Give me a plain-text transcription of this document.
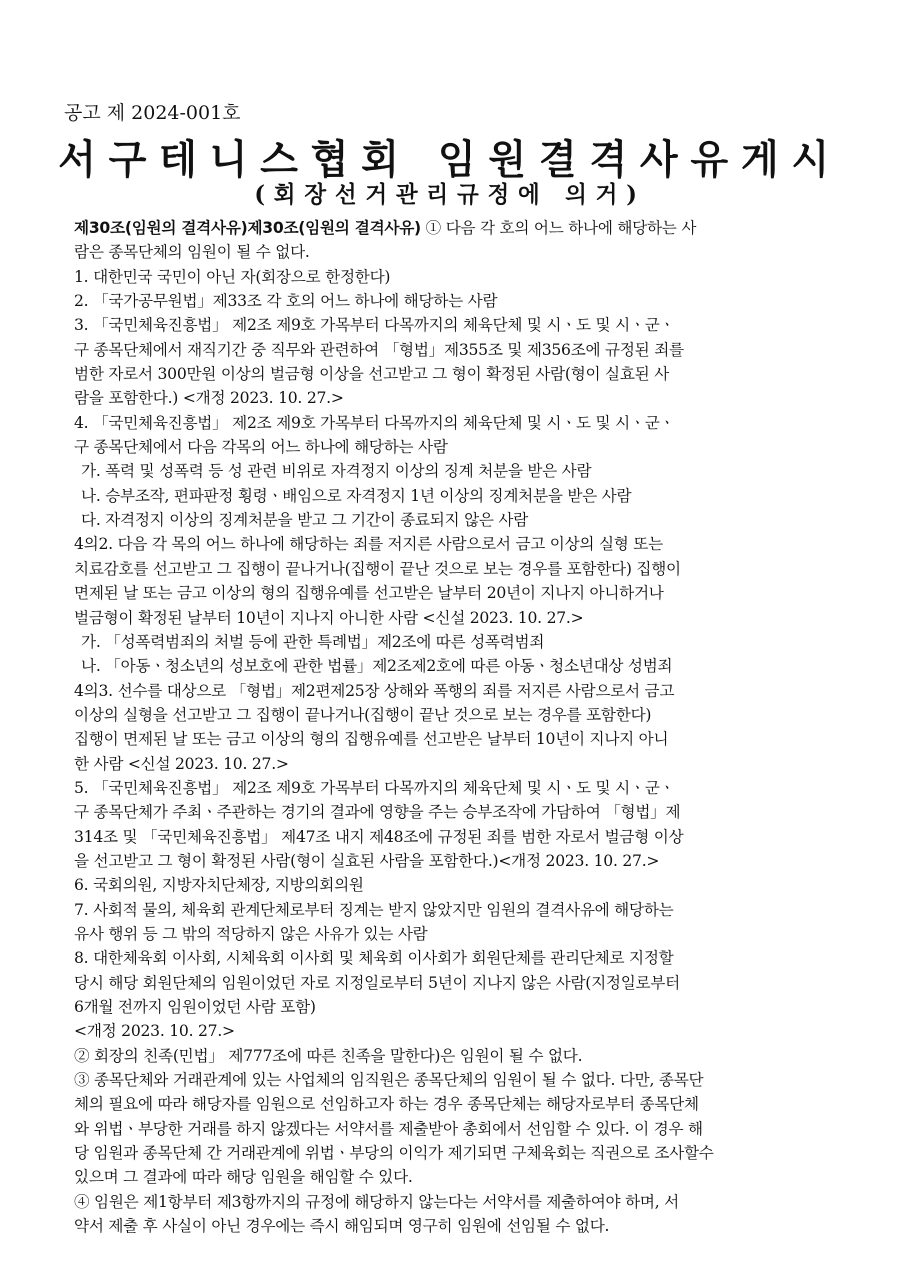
공고 제 2024-001호
서구테니스협회 임원결격사유게시
(회장선거관리규정에 의거)
제30조(임원의 결격사유)제30조(임원의 결격사유) ① 다음 각 호의 어느 하나에 해당하는 사
람은 종목단체의 임원이 될 수 없다.
1. 대한민국 국민이 아닌 자(회장으로 한정한다)
2. 「국가공무원법」제33조 각 호의 어느 하나에 해당하는 사람
3. 「국민체육진흥법」 제2조 제9호 가목부터 다목까지의 체육단체 및 시ㆍ도 및 시ㆍ군ㆍ
구 종목단체에서 재직기간 중 직무와 관련하여 「형법」제355조 및 제356조에 규정된 죄를
범한 자로서 300만원 이상의 벌금형 이상을 선고받고 그 형이 확정된 사람(형이 실효된 사
람을 포함한다.) <개정 2023. 10. 27.>
4. 「국민체육진흥법」 제2조 제9호 가목부터 다목까지의 체육단체 및 시ㆍ도 및 시ㆍ군ㆍ
구 종목단체에서 다음 각목의 어느 하나에 해당하는 사람
가. 폭력 및 성폭력 등 성 관련 비위로 자격정지 이상의 징계 처분을 받은 사람
나. 승부조작, 편파판정 횡령ㆍ배임으로 자격정지 1년 이상의 징계처분을 받은 사람
다. 자격정지 이상의 징계처분을 받고 그 기간이 종료되지 않은 사람
4의2. 다음 각 목의 어느 하나에 해당하는 죄를 저지른 사람으로서 금고 이상의 실형 또는
치료감호를 선고받고 그 집행이 끝나거나(집행이 끝난 것으로 보는 경우를 포함한다) 집행이
면제된 날 또는 금고 이상의 형의 집행유예를 선고받은 날부터 20년이 지나지 아니하거나
벌금형이 확정된 날부터 10년이 지나지 아니한 사람 <신설 2023. 10. 27.>
가. 「성폭력범죄의 처벌 등에 관한 특례법」제2조에 따른 성폭력범죄
나. 「아동ㆍ청소년의 성보호에 관한 법률」제2조제2호에 따른 아동ㆍ청소년대상 성범죄
4의3. 선수를 대상으로 「형법」제2편제25장 상해와 폭행의 죄를 저지른 사람으로서 금고
이상의 실형을 선고받고 그 집행이 끝나거나(집행이 끝난 것으로 보는 경우를 포함한다)
집행이 면제된 날 또는 금고 이상의 형의 집행유예를 선고받은 날부터 10년이 지나지 아니
한 사람 <신설 2023. 10. 27.>
5. 「국민체육진흥법」 제2조 제9호 가목부터 다목까지의 체육단체 및 시ㆍ도 및 시ㆍ군ㆍ
구 종목단체가 주최ㆍ주관하는 경기의 결과에 영향을 주는 승부조작에 가담하여 「형법」제
314조 및 「국민체육진흥법」 제47조 내지 제48조에 규정된 죄를 범한 자로서 벌금형 이상
을 선고받고 그 형이 확정된 사람(형이 실효된 사람을 포함한다.)<개정 2023. 10. 27.>
6. 국회의원, 지방자치단체장, 지방의회의원
7. 사회적 물의, 체육회 관계단체로부터 징계는 받지 않았지만 임원의 결격사유에 해당하는
유사 행위 등 그 밖의 적당하지 않은 사유가 있는 사람
8. 대한체육회 이사회, 시체육회 이사회 및 체육회 이사회가 회원단체를 관리단체로 지정할
당시 해당 회원단체의 임원이었던 자로 지정일로부터 5년이 지나지 않은 사람(지정일로부터
6개월 전까지 임원이었던 사람 포함)
<개정 2023. 10. 27.>
② 회장의 친족(민법」 제777조에 따른 친족을 말한다)은 임원이 될 수 없다.
③ 종목단체와 거래관계에 있는 사업체의 임직원은 종목단체의 임원이 될 수 없다. 다만, 종목단
체의 필요에 따라 해당자를 임원으로 선임하고자 하는 경우 종목단체는 해당자로부터 종목단체
와 위법ㆍ부당한 거래를 하지 않겠다는 서약서를 제출받아 총회에서 선임할 수 있다. 이 경우 해
당 임원과 종목단체 간 거래관계에 위법ㆍ부당의 이익가 제기되면 구체육회는 직권으로 조사할수
있으며 그 결과에 따라 해당 임원을 해임할 수 있다.
④ 임원은 제1항부터 제3항까지의 규정에 해당하지 않는다는 서약서를 제출하여야 하며, 서
약서 제출 후 사실이 아닌 경우에는 즉시 해임되며 영구히 임원에 선임될 수 없다.
